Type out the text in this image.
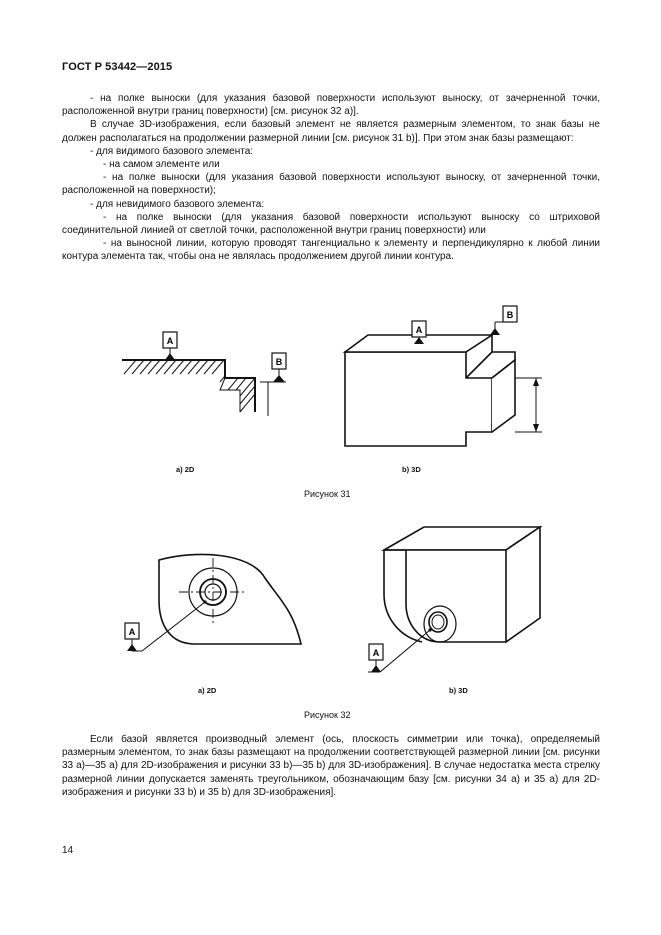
ГОСТ Р 53442—2015

- на полке выноски (для указания базовой поверхности используют выноску, от зачерненной точки, расположенной внутри границ поверхности) [см. рисунок 32 а)].

В случае 3D-изображения, если базовый элемент не является размерным элементом, то знак базы не должен располагаться на продолжении размерной линии [см. рисунок 31 b)]. При этом знак базы размещают:

- для видимого базового элемента:

- на самом элементе или

- на полке выноски (для указания базовой поверхности используют выноску, от зачерненной точки, расположенной на поверхности);

- для невидимого базового элемента:

- на полке выноски (для указания базовой поверхности используют выноску со штриховой соединительной линией от светлой точки, расположенной внутри границ поверхности) или

- на выносной линии, которую проводят тангенциально к элементу и перпендикулярно к любой линии контура элемента так, чтобы она не являлась продолжением другой линии контура.

A
B
a) 2D
A
B
b) 3D
Рисунок 31
A
a) 2D
A
b) 3D
Рисунок 32

Если базой является производный элемент (ось, плоскость симметрии или точка), определяемый размерным элементом, то знак базы размещают на продолжении соответствующей размерной линии [см. рисунки 33 а)—35 а) для 2D-изображения и рисунки 33 b)—35 b) для 3D-изображения]. В случае недостатка места стрелку размерной линии допускается заменять треугольником, обозначающим базу [см. рисунки 34 а) и 35 а) для 2D-изображения и рисунки 33 b) и 35 b) для 3D-изображения].

14
